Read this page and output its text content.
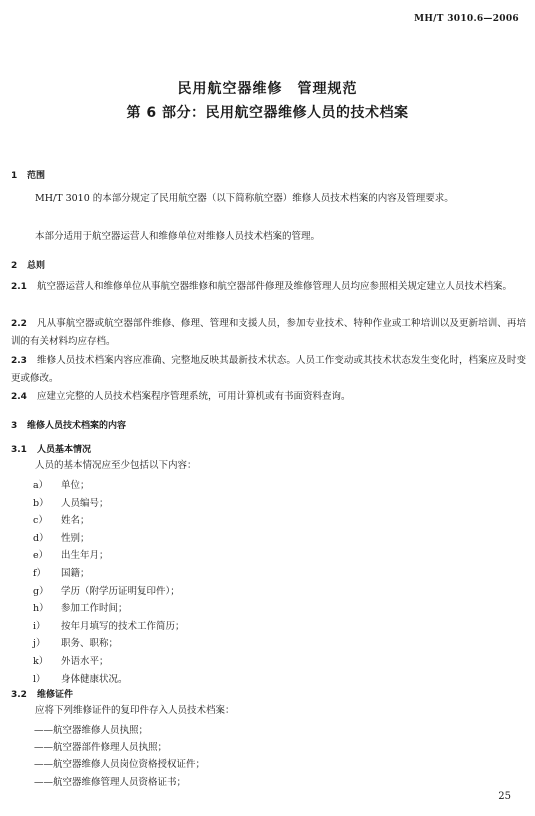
MH/T 3010.6—2006
民用航空器维修　管理规范
第 6 部分：民用航空器维修人员的技术档案
1 范围
MH/T 3010 的本部分规定了民用航空器（以下简称航空器）维修人员技术档案的内容及管理要求。
本部分适用于航空器运营人和维修单位对维修人员技术档案的管理。
2 总则
2.1 航空器运营人和维修单位从事航空器维修和航空器部件修理及维修管理人员均应参照相关规定建立人员技术档案。
2.2 凡从事航空器或航空器部件维修、修理、管理和支援人员，参加专业技术、特种作业或工种培训以及更新培训、再培训的有关材料均应存档。
2.3 维修人员技术档案内容应准确、完整地反映其最新技术状态。人员工作变动或其技术状态发生变化时，档案应及时变更或修改。
2.4 应建立完整的人员技术档案程序管理系统，可用计算机或有书面资料查询。
3 维修人员技术档案的内容
3.1 人员基本情况
人员的基本情况应至少包括以下内容：
a） 单位；
b） 人员编号；
c） 姓名；
d） 性别；
e） 出生年月；
f） 国籍；
g） 学历（附学历证明复印件）；
h） 参加工作时间；
i） 按年月填写的技术工作简历；
j） 职务、职称；
k） 外语水平；
l） 身体健康状况。
3.2 维修证件
应将下列维修证件的复印件存入人员技术档案：
——航空器维修人员执照；
——航空器部件修理人员执照；
——航空器维修人员岗位资格授权证件；
——航空器维修管理人员资格证书；
25
